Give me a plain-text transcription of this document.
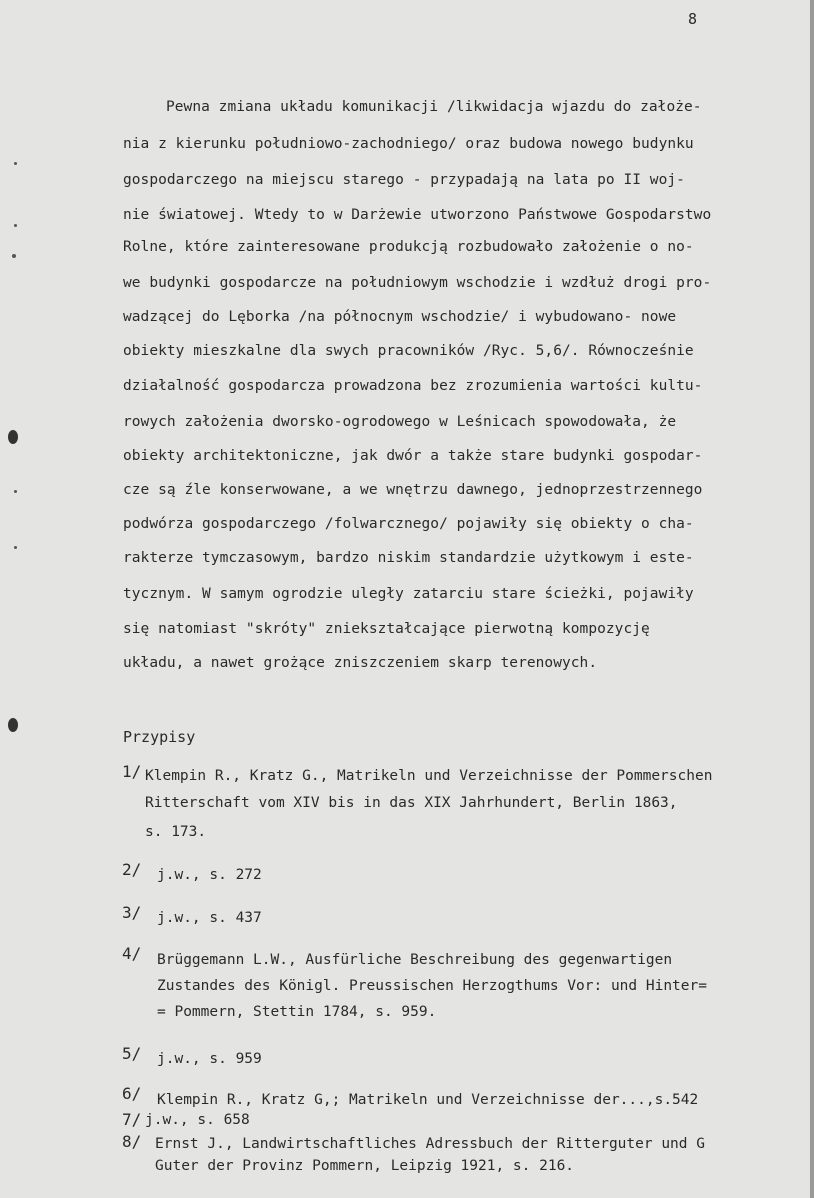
8
Pewna zmiana układu komunikacji /likwidacja wjazdu do założe-
nia z kierunku południowo-zachodniego/ oraz budowa nowego budynku
gospodarczego na miejscu starego - przypadają na lata po II woj-
nie światowej. Wtedy to w Darżewie utworzono Państwowe Gospodarstwo
Rolne, które zainteresowane produkcją rozbudowało założenie o no-
we budynki gospodarcze na południowym wschodzie i wzdłuż drogi pro-
wadzącej do Lęborka /na północnym wschodzie/ i wybudowano- nowe
obiekty mieszkalne dla swych pracowników /Ryc. 5,6/. Równocześnie
działalność gospodarcza prowadzona bez zrozumienia wartości kultu-
rowych założenia dworsko-ogrodowego w Leśnicach spowodowała, że
obiekty architektoniczne, jak dwór a także stare budynki gospodar-
cze są źle konserwowane, a we wnętrzu dawnego, jednoprzestrzennego
podwórza gospodarczego /folwarcznego/ pojawiły się obiekty o cha-
rakterze tymczasowym, bardzo niskim standardzie użytkowym i este-
tycznym. W samym ogrodzie uległy zatarciu stare ścieżki, pojawiły
się natomiast "skróty" zniekształcające pierwotną kompozycję
układu, a nawet grożące zniszczeniem skarp terenowych.
Przypisy
1/ Klempin R., Kratz G., Matrikeln und Verzeichnisse der Pommerschen
Ritterschaft vom XIV bis in das XIX Jahrhundert, Berlin 1863,
s. 173.
2/ j.w., s. 272
3/ j.w., s. 437
4/ Brüggemann L.W., Ausfürliche Beschreibung des gegenwartigen
Zustandes des Königl. Preussischen Herzogthums Vor: und Hinter=
= Pommern, Stettin 1784, s. 959.
5/ j.w., s. 959
6/ Klempin R., Kratz G,; Matrikeln und Verzeichnisse der...,s.542
7/ j.w., s. 658
8/ Ernst J., Landwirtschaftliches Adressbuch der Ritterguter und G
Guter der Provinz Pommern, Leipzig 1921, s. 216.
